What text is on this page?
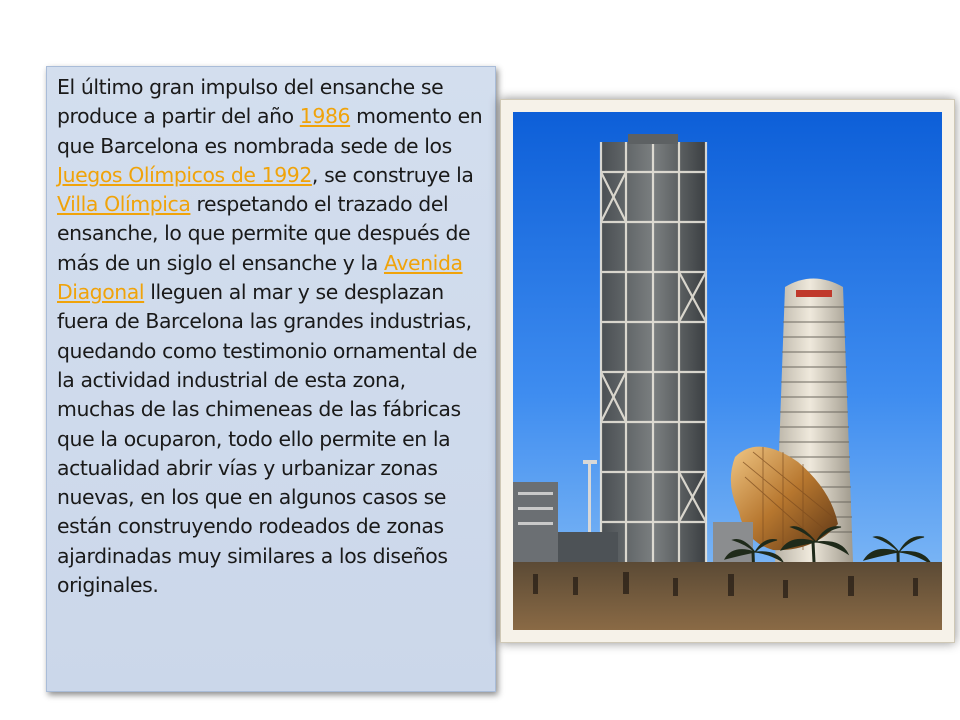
El último gran impulso del ensanche se produce a partir del año 1986 momento en que Barcelona es nombrada sede de los Juegos Olímpicos de 1992, se construye la Villa Olímpica respetando el trazado del ensanche, lo que permite que después de más de un siglo el ensanche y la Avenida Diagonal lleguen al mar y se desplazan fuera de Barcelona las grandes industrias, quedando como testimonio ornamental de la actividad industrial de esta zona, muchas de las chimeneas de las fábricas que la ocuparon, todo ello permite en la actualidad abrir vías y urbanizar zonas nuevas, en los que en algunos casos se están construyendo rodeados de zonas ajardinadas muy similares a los diseños originales.
